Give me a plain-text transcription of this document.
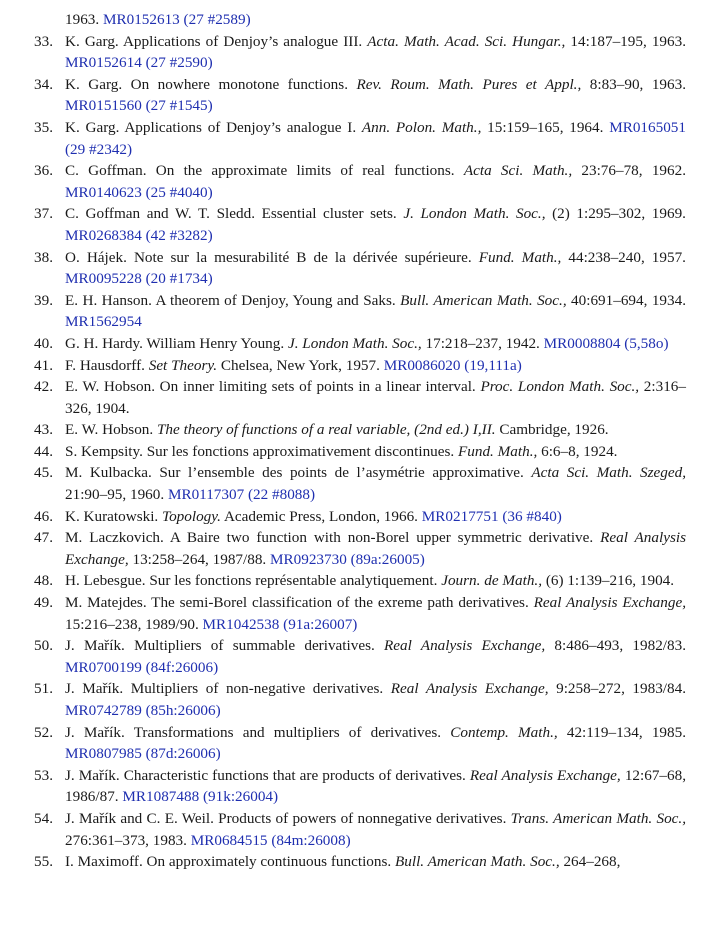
1963. MR0152613 (27 #2589)
33. K. Garg. Applications of Denjoy’s analogue III. Acta. Math. Acad. Sci. Hungar., 14:187–195, 1963. MR0152614 (27 #2590)
34. K. Garg. On nowhere monotone functions. Rev. Roum. Math. Pures et Appl., 8:83–90, 1963. MR0151560 (27 #1545)
35. K. Garg. Applications of Denjoy’s analogue I. Ann. Polon. Math., 15:159–165, 1964. MR0165051 (29 #2342)
36. C. Goffman. On the approximate limits of real functions. Acta Sci. Math., 23:76–78, 1962. MR0140623 (25 #4040)
37. C. Goffman and W. T. Sledd. Essential cluster sets. J. London Math. Soc., (2) 1:295–302, 1969. MR0268384 (42 #3282)
38. O. Hájek. Note sur la mesurabilité B de la dérivée supérieure. Fund. Math., 44:238–240, 1957. MR0095228 (20 #1734)
39. E. H. Hanson. A theorem of Denjoy, Young and Saks. Bull. American Math. Soc., 40:691–694, 1934. MR1562954
40. G. H. Hardy. William Henry Young. J. London Math. Soc., 17:218–237, 1942. MR0008804 (5,58o)
41. F. Hausdorff. Set Theory. Chelsea, New York, 1957. MR0086020 (19,111a)
42. E. W. Hobson. On inner limiting sets of points in a linear interval. Proc. London Math. Soc., 2:316–326, 1904.
43. E. W. Hobson. The theory of functions of a real variable, (2nd ed.) I,II. Cambridge, 1926.
44. S. Kempsity. Sur les fonctions approximativement discontinues. Fund. Math., 6:6–8, 1924.
45. M. Kulbacka. Sur l’ensemble des points de l’asymétrie approximative. Acta Sci. Math. Szeged, 21:90–95, 1960. MR0117307 (22 #8088)
46. K. Kuratowski. Topology. Academic Press, London, 1966. MR0217751 (36 #840)
47. M. Laczkovich. A Baire two function with non-Borel upper symmetric derivative. Real Analysis Exchange, 13:258–264, 1987/88. MR0923730 (89a:26005)
48. H. Lebesgue. Sur les fonctions représentable analytiquement. Journ. de Math., (6) 1:139–216, 1904.
49. M. Matejdes. The semi-Borel classification of the exreme path derivatives. Real Analysis Exchange, 15:216–238, 1989/90. MR1042538 (91a:26007)
50. J. Mařík. Multipliers of summable derivatives. Real Analysis Exchange, 8:486–493, 1982/83. MR0700199 (84f:26006)
51. J. Mařík. Multipliers of non-negative derivatives. Real Analysis Exchange, 9:258–272, 1983/84. MR0742789 (85h:26006)
52. J. Mařík. Transformations and multipliers of derivatives. Contemp. Math., 42:119–134, 1985. MR0807985 (87d:26006)
53. J. Mařík. Characteristic functions that are products of derivatives. Real Analysis Exchange, 12:67–68, 1986/87. MR1087488 (91k:26004)
54. J. Mařík and C. E. Weil. Products of powers of nonnegative derivatives. Trans. American Math. Soc., 276:361–373, 1983. MR0684515 (84m:26008)
55. I. Maximoff. On approximately continuous functions. Bull. American Math. Soc., 264–268,
